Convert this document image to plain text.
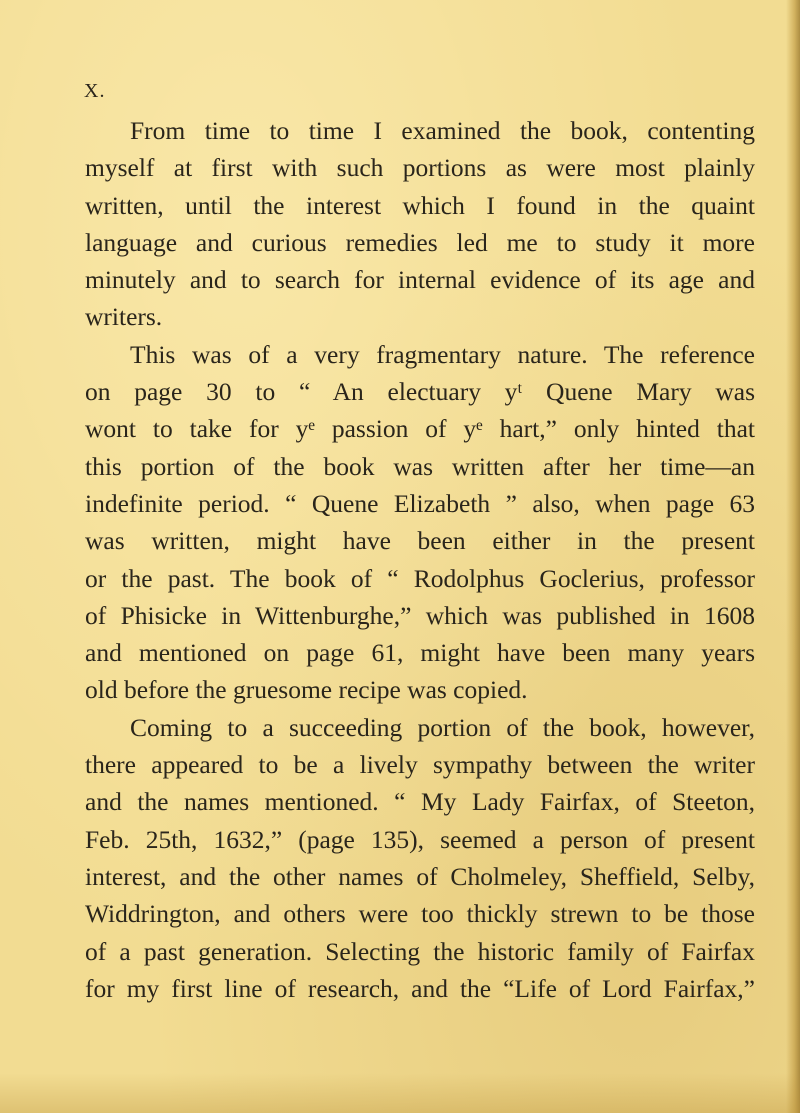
X.
From time to time I examined the book, contenting
myself at first with such portions as were most plainly
written, until the interest which I found in the quaint
language and curious remedies led me to study it more
minutely and to search for internal evidence of its age and
writers.
This was of a very fragmentary nature. The reference
on page 30 to “ An electuary yᵗ Quene Mary was
wont to take for yᵉ passion of yᵉ hart,” only hinted that
this portion of the book was written after her time—an
indefinite period. “ Quene Elizabeth ” also, when page 63
was written, might have been either in the present
or the past. The book of “ Rodolphus Goclerius, professor
of Phisicke in Wittenburghe,” which was published in 1608
and mentioned on page 61, might have been many years
old before the gruesome recipe was copied.
Coming to a succeeding portion of the book, however,
there appeared to be a lively sympathy between the writer
and the names mentioned. “ My Lady Fairfax, of Steeton,
Feb. 25th, 1632,” (page 135), seemed a person of present
interest, and the other names of Cholmeley, Sheffield, Selby,
Widdrington, and others were too thickly strewn to be those
of a past generation. Selecting the historic family of Fairfax
for my first line of research, and the “Life of Lord Fairfax,”
